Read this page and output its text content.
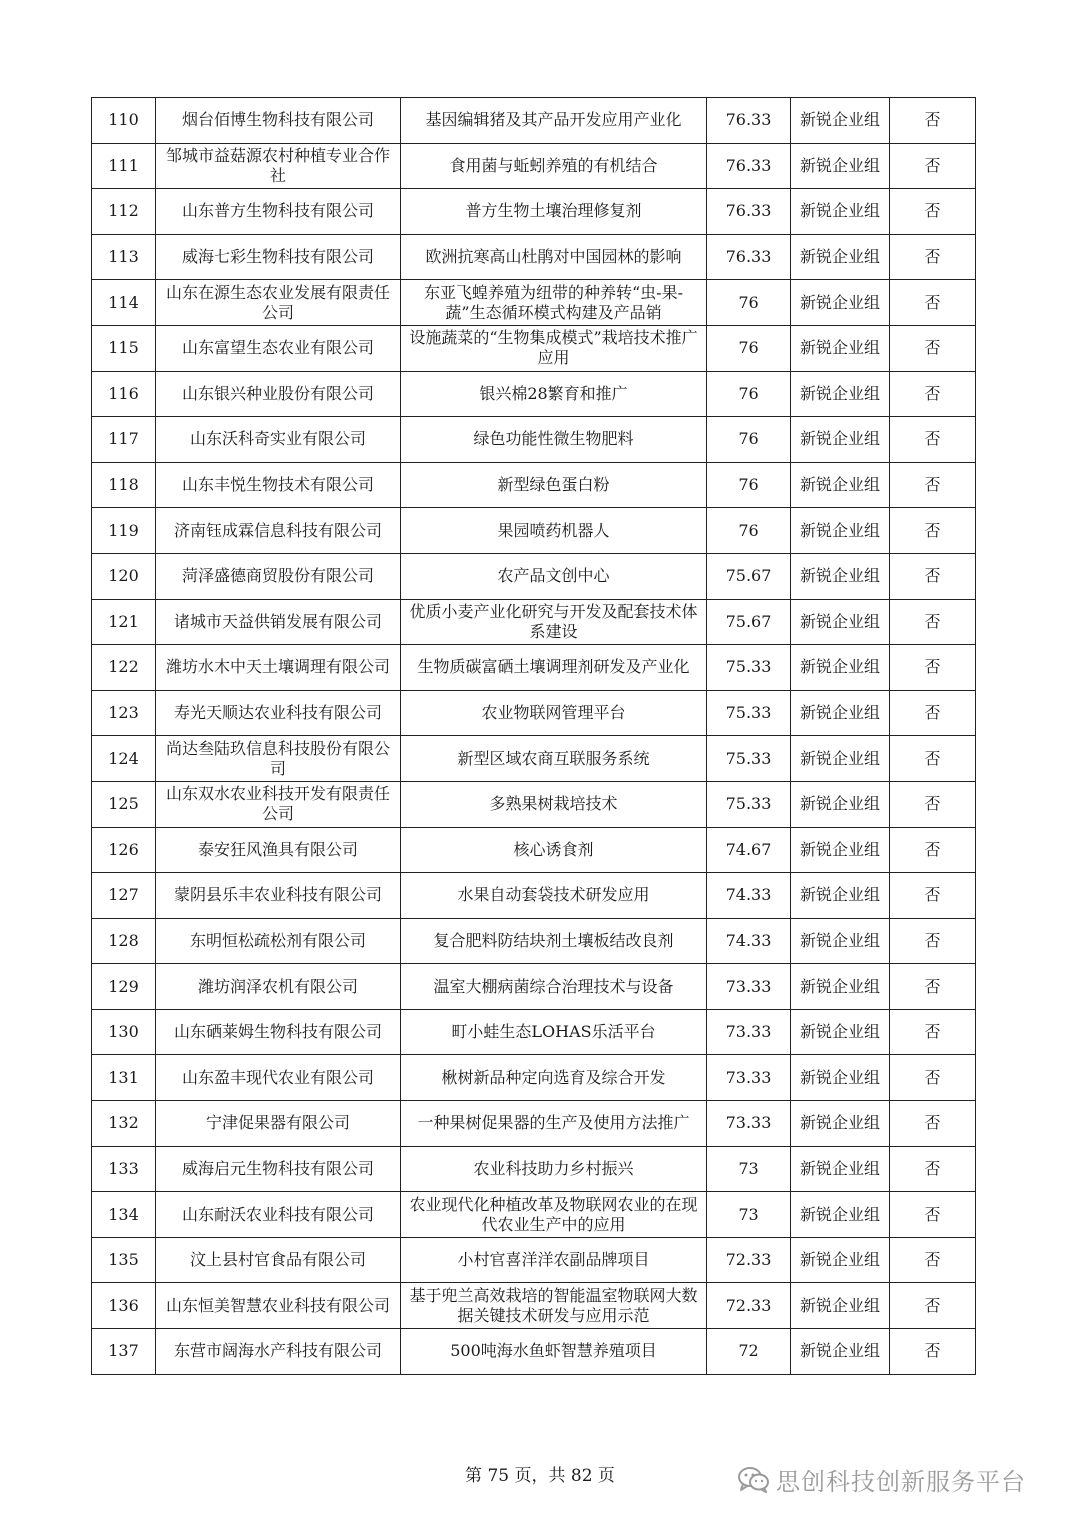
110	烟台佰博生物科技有限公司	基因编辑猪及其产品开发应用产业化	76.33	新锐企业组	否
111	邹城市益菇源农村种植专业合作社	食用菌与蚯蚓养殖的有机结合	76.33	新锐企业组	否
112	山东普方生物科技有限公司	普方生物土壤治理修复剂	76.33	新锐企业组	否
113	威海七彩生物科技有限公司	欧洲抗寒高山杜鹃对中国园林的影响	76.33	新锐企业组	否
114	山东在源生态农业发展有限责任公司	东亚飞蝗养殖为纽带的种养转“虫-果-蔬”生态循环模式构建及产品销	76	新锐企业组	否
115	山东富望生态农业有限公司	设施蔬菜的“生物集成模式”栽培技术推广应用	76	新锐企业组	否
116	山东银兴种业股份有限公司	银兴棉28繁育和推广	76	新锐企业组	否
117	山东沃科奇实业有限公司	绿色功能性微生物肥料	76	新锐企业组	否
118	山东丰悦生物技术有限公司	新型绿色蛋白粉	76	新锐企业组	否
119	济南钰成霖信息科技有限公司	果园喷药机器人	76	新锐企业组	否
120	菏泽盛德商贸股份有限公司	农产品文创中心	75.67	新锐企业组	否
121	诸城市天益供销发展有限公司	优质小麦产业化研究与开发及配套技术体系建设	75.67	新锐企业组	否
122	潍坊水木中天土壤调理有限公司	生物质碳富硒土壤调理剂研发及产业化	75.33	新锐企业组	否
123	寿光天顺达农业科技有限公司	农业物联网管理平台	75.33	新锐企业组	否
124	尚达叁陆玖信息科技股份有限公司	新型区域农商互联服务系统	75.33	新锐企业组	否
125	山东双水农业科技开发有限责任公司	多熟果树栽培技术	75.33	新锐企业组	否
126	泰安狂风渔具有限公司	核心诱食剂	74.67	新锐企业组	否
127	蒙阴县乐丰农业科技有限公司	水果自动套袋技术研发应用	74.33	新锐企业组	否
128	东明恒松疏松剂有限公司	复合肥料防结块剂土壤板结改良剂	74.33	新锐企业组	否
129	潍坊润泽农机有限公司	温室大棚病菌综合治理技术与设备	73.33	新锐企业组	否
130	山东硒莱姆生物科技有限公司	町小蛙生态LOHAS乐活平台	73.33	新锐企业组	否
131	山东盈丰现代农业有限公司	楸树新品种定向选育及综合开发	73.33	新锐企业组	否
132	宁津促果器有限公司	一种果树促果器的生产及使用方法推广	73.33	新锐企业组	否
133	威海启元生物科技有限公司	农业科技助力乡村振兴	73	新锐企业组	否
134	山东耐沃农业科技有限公司	农业现代化种植改革及物联网农业的在现代农业生产中的应用	73	新锐企业组	否
135	汶上县村官食品有限公司	小村官喜洋洋农副品牌项目	72.33	新锐企业组	否
136	山东恒美智慧农业科技有限公司	基于兜兰高效栽培的智能温室物联网大数据关键技术研发与应用示范	72.33	新锐企业组	否
137	东营市阔海水产科技有限公司	500吨海水鱼虾智慧养殖项目	72	新锐企业组	否
第 75 页，共 82 页	思创科技创新服务平台
